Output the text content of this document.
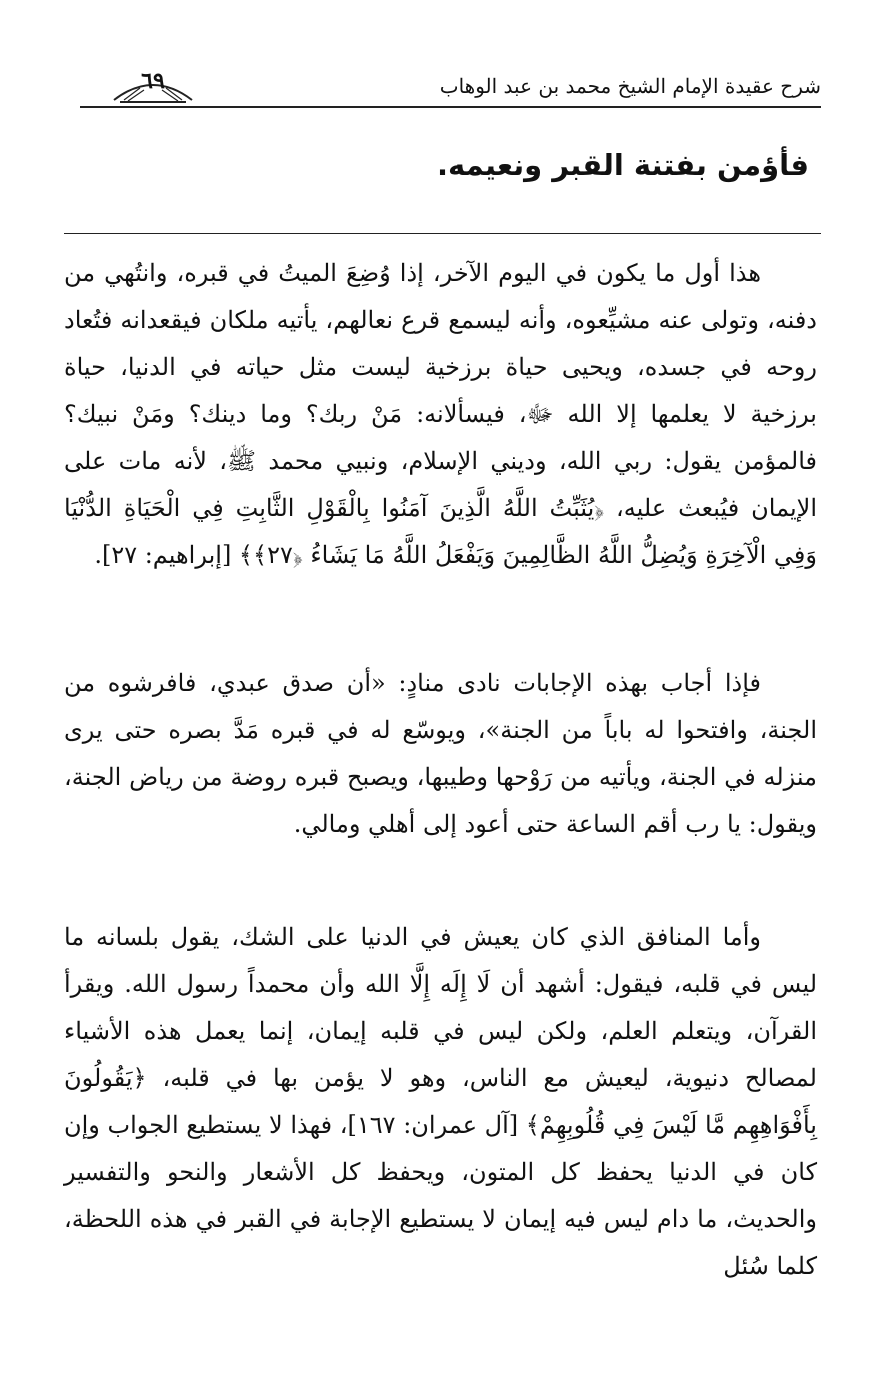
٦٩	شرح عقيدة الإمام الشيخ محمد بن عبد الوهاب
فأؤمن بفتنة القبر ونعيمه.

هذا أول ما يكون في اليوم الآخر، إذا وُضِعَ الميتُ في قبره، وانتُهي من دفنه، وتولى عنه مشيِّعوه، وأنه ليسمع قرع نعالهم، يأتيه ملكان فيقعدانه فتُعاد روحه في جسده، ويحيى حياة برزخية ليست مثل حياته في الدنيا، حياة برزخية لا يعلمها إلا الله ﷻ، فيسألانه: مَنْ ربك؟ وما دينك؟ ومَنْ نبيك؟ فالمؤمن يقول: ربي الله، وديني الإسلام، ونبيي محمد ﷺ، لأنه مات على الإيمان فيُبعث عليه، ﴿يُثَبِّتُ اللَّهُ الَّذِينَ آمَنُوا بِالْقَوْلِ الثَّابِتِ فِي الْحَيَاةِ الدُّنْيَا وَفِي الْآخِرَةِ وَيُضِلُّ اللَّهُ الظَّالِمِينَ وَيَفْعَلُ اللَّهُ مَا يَشَاءُ ﴿٢٧﴾﴾ [إبراهيم: ٢٧].

فإذا أجاب بهذه الإجابات نادى منادٍ: «أن صدق عبدي، فافرشوه من الجنة، وافتحوا له باباً من الجنة»، ويوسّع له في قبره مَدَّ بصره حتى يرى منزله في الجنة، ويأتيه من رَوْحها وطيبها، ويصبح قبره روضة من رياض الجنة، ويقول: يا رب أقم الساعة حتى أعود إلى أهلي ومالي.

وأما المنافق الذي كان يعيش في الدنيا على الشك، يقول بلسانه ما ليس في قلبه، فيقول: أشهد أن لَا إِلَه إِلَّا الله وأن محمداً رسول الله. ويقرأ القرآن، ويتعلم العلم، ولكن ليس في قلبه إيمان، إنما يعمل هذه الأشياء لمصالح دنيوية، ليعيش مع الناس، وهو لا يؤمن بها في قلبه، ﴿يَقُولُونَ بِأَفْوَاهِهِم مَّا لَيْسَ فِي قُلُوبِهِمْ﴾ [آل عمران: ١٦٧]، فهذا لا يستطيع الجواب وإن كان في الدنيا يحفظ كل المتون، ويحفظ كل الأشعار والنحو والتفسير والحديث، ما دام ليس فيه إيمان لا يستطيع الإجابة في القبر في هذه اللحظة، كلما سُئل
